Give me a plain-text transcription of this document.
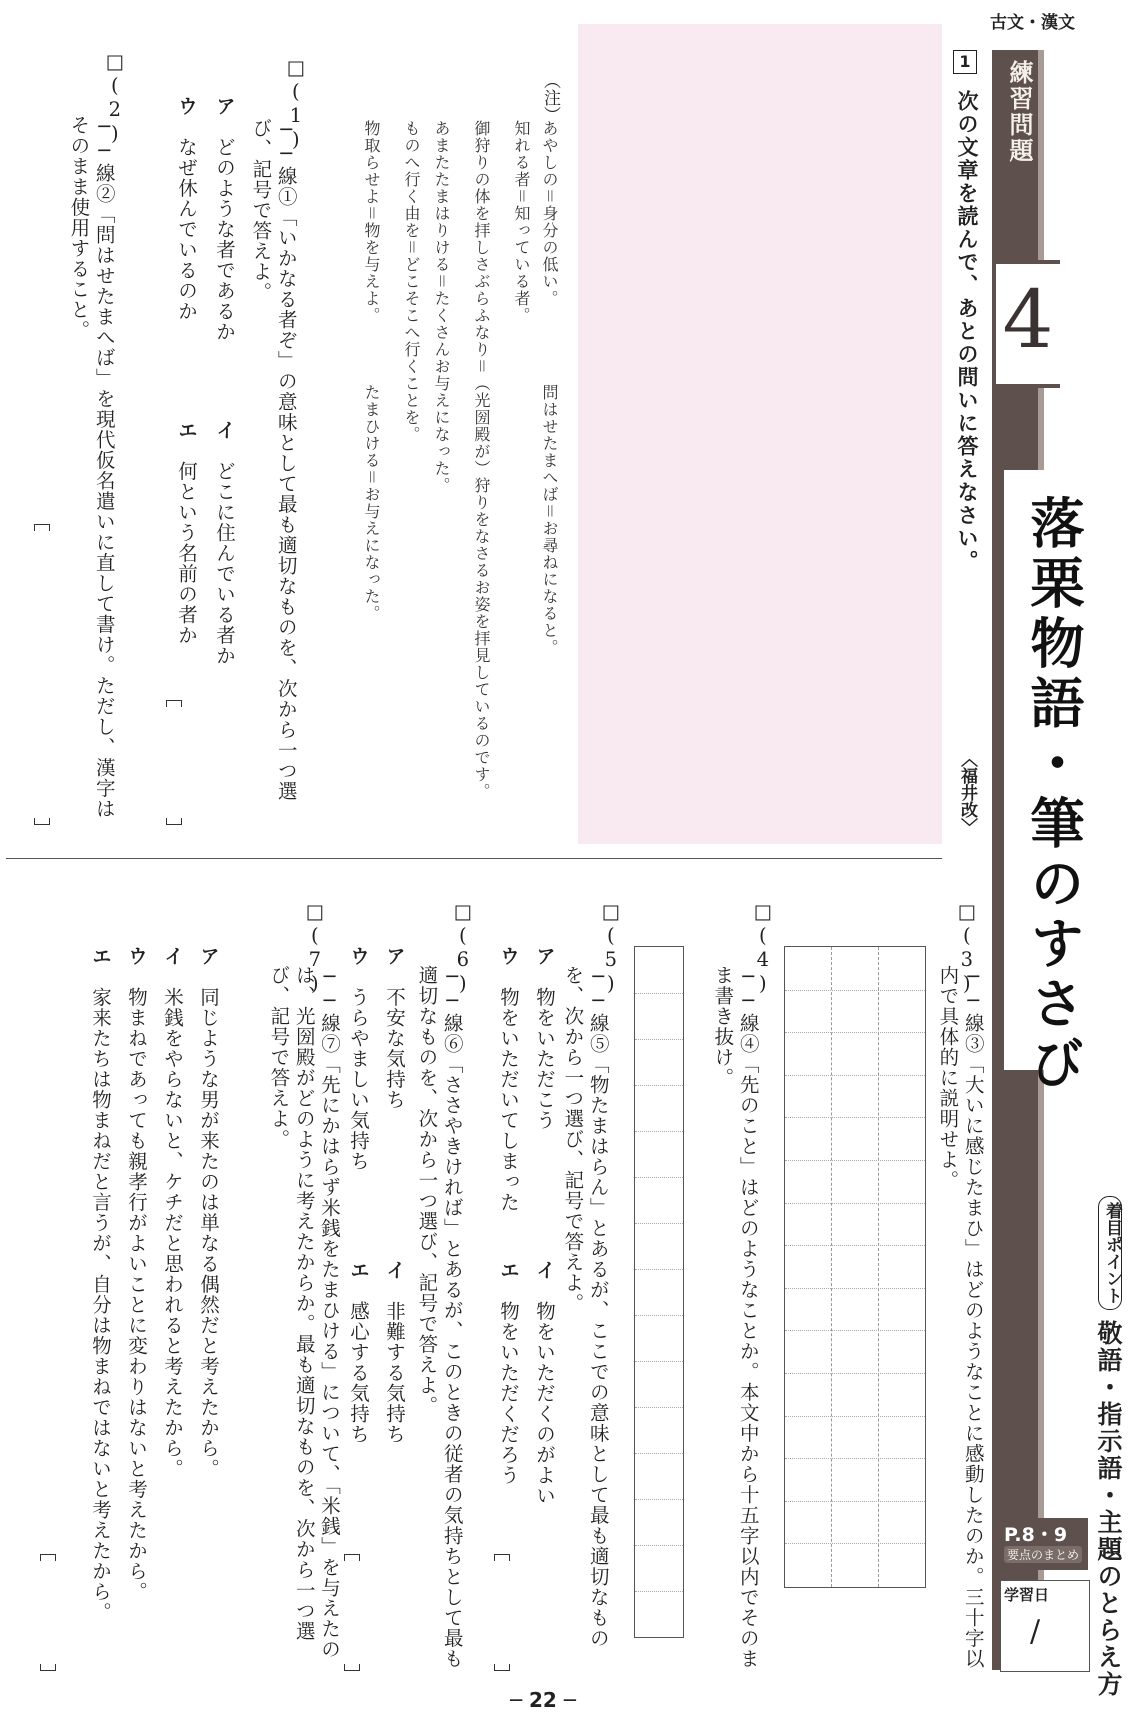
古文・漢文
練習問題
4
落栗物語・筆のすさび
着目ポイント
敬語・指示語・主題のとらえ方
P.8・9
要点のまとめ
学習日
/
1
次の文章を読んで、あとの問いに答えなさい。
〈福井改〉
（注）
あやしの＝身分の低い。　　　　　問はせたまへば＝お尋ねになると。
知れる者＝知っている者。
御狩りの体を拝しさぶらふなり＝（光圀殿が）狩りをなさるお姿を拝見しているのです。
あまたたまはりける＝たくさんお与えになった。
ものへ行く由を＝どこそこへ行くことを。
物取らせよ＝物を与えよ。　　　　たまひける＝お与えになった。
□(1)
──線①「いかなる者ぞ」の意味として最も適切なものを、次から一つ選び、記号で答えよ。
ア　どのような者であるか
イ　どこに住んでいる者か
ウ　なぜ休んでいるのか
エ　何という名前の者か
□(2)
──線②「問はせたまへば」を現代仮名遣いに直して書け。ただし、漢字はそのまま使用すること。
□(3)
──線③「大いに感じたまひ」はどのようなことに感動したのか。三十字以内で具体的に説明せよ。
□(4)
──線④「先のこと」はどのようなことか。本文中から十五字以内でそのまま書き抜け。
□(5)
──線⑤「物たまはらん」とあるが、ここでの意味として最も適切なものを、次から一つ選び、記号で答えよ。
ア　物をいただこう
イ　物をいただくのがよい
ウ　物をいただいてしまった
エ　物をいただくだろう
□(6)
──線⑥「ささやきければ」とあるが、このときの従者の気持ちとして最も適切なものを、次から一つ選び、記号で答えよ。
ア　不安な気持ち
イ　非難する気持ち
ウ　うらやましい気持ち
エ　感心する気持ち
□(7)
──線⑦「先にかはらず米銭をたまひける」について、「米銭」を与えたのは、光圀殿がどのように考えたからか。最も適切なものを、次から一つ選び、記号で答えよ。
ア　同じような男が来たのは単なる偶然だと考えたから。
イ　米銭をやらないと、ケチだと思われると考えたから。
ウ　物まねであっても親孝行がよいことに変わりはないと考えたから。
エ　家来たちは物まねだと言うが、自分は物まねではないと考えたから。
─ 22 ─
